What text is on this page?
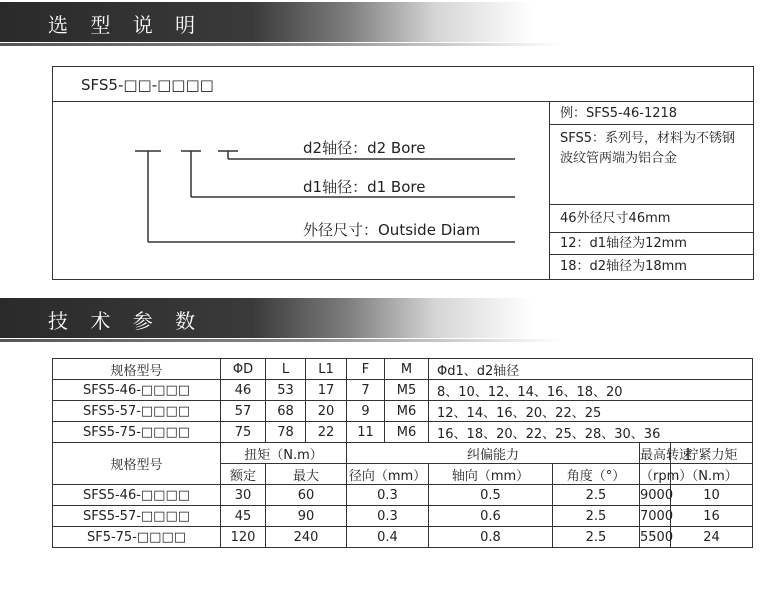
选 型 说 明
SFS5-□□-□□□□
d2轴径：d2 Bore
d1轴径：d1 Bore
外径尺寸：Outside Diam
例：SFS5-46-1218
SFS5：系列号，材料为不锈钢波纹管两端为铝合金
46外径尺寸46mm
12：d1轴径为12mm
18：d2轴径为18mm
技 术 参 数
规格型号	ΦD	L	L1	F	M	Φd1、d2轴径			
SFS5-46-□□□□	46	53	17	7	M5	8、10、12、14、16、18、20			
SFS5-57-□□□□	57	68	20	9	M6	12、14、16、20、22、25			
SFS5-75-□□□□	75	78	22	11	M6	16、18、20、22、25、28、30、36			
规格型号	扭矩（N.m）			纠偏能力				最高转速	拧紧力矩
	额定	最大		径向（mm）		轴向（mm）	角度（°）	（rpm）	（N.m）
SFS5-46-□□□□	30	60		0.3		0.5	2.5	9000	10
SFS5-57-□□□□	45	90		0.3		0.6	2.5	7000	16
SF5-75-□□□□	120	240		0.4		0.8	2.5	5500	24
